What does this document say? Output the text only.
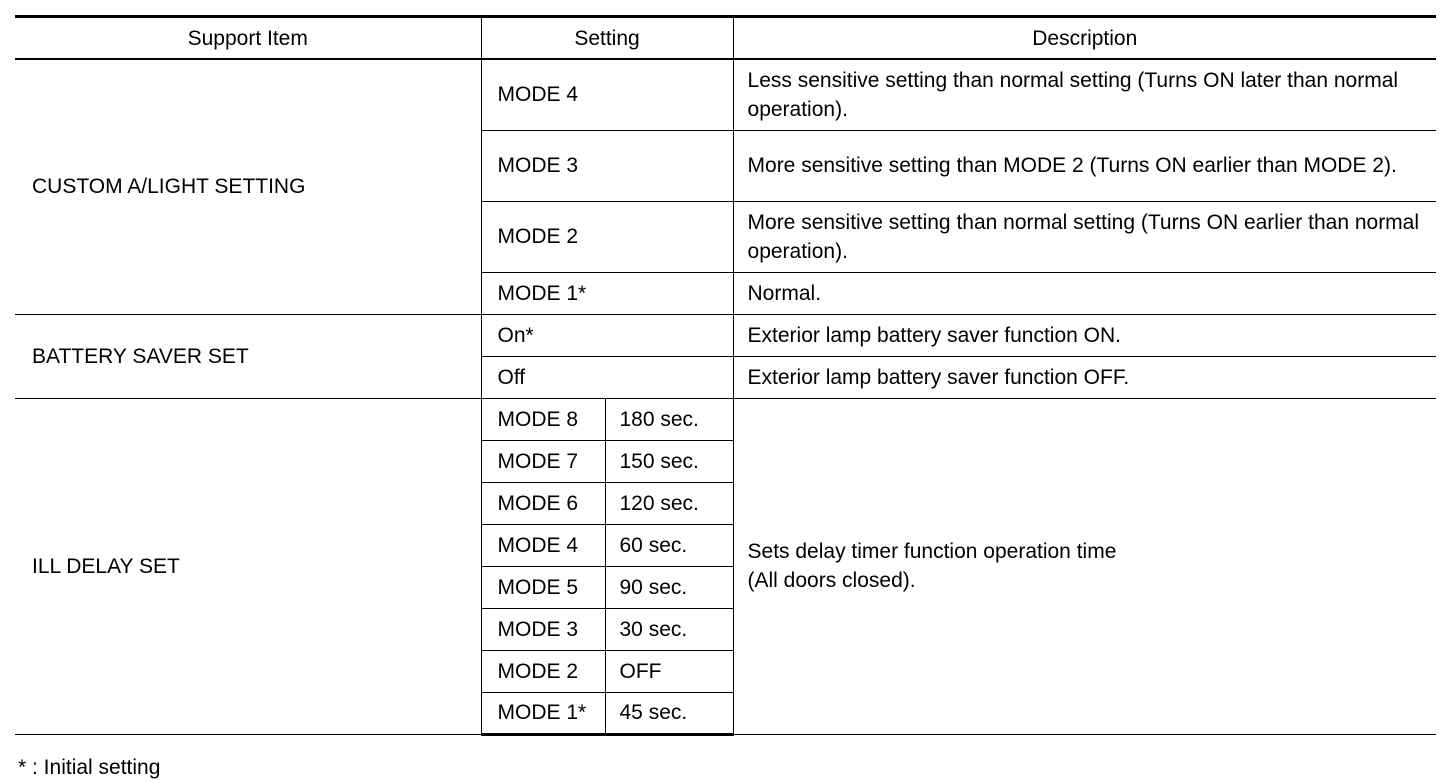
Support Item	Setting		Description
CUSTOM A/LIGHT SETTING	MODE 4		Less sensitive setting than normal setting (Turns ON later than normal operation).
	MODE 3		More sensitive setting than MODE 2 (Turns ON earlier than MODE 2).
	MODE 2		More sensitive setting than normal setting (Turns ON earlier than normal operation).
	MODE 1*		Normal.
BATTERY SAVER SET	On*		Exterior lamp battery saver function ON.
	Off		Exterior lamp battery saver function OFF.
ILL DELAY SET	MODE 8	180 sec.	Sets delay timer function operation time
(All doors closed).

	MODE 7	150 sec.	
	MODE 6	120 sec.	
	MODE 4	60 sec.	
	MODE 5	90 sec.	
	MODE 3	30 sec.	
	MODE 2	OFF	
	MODE 1*	45 sec.	
* : Initial setting
